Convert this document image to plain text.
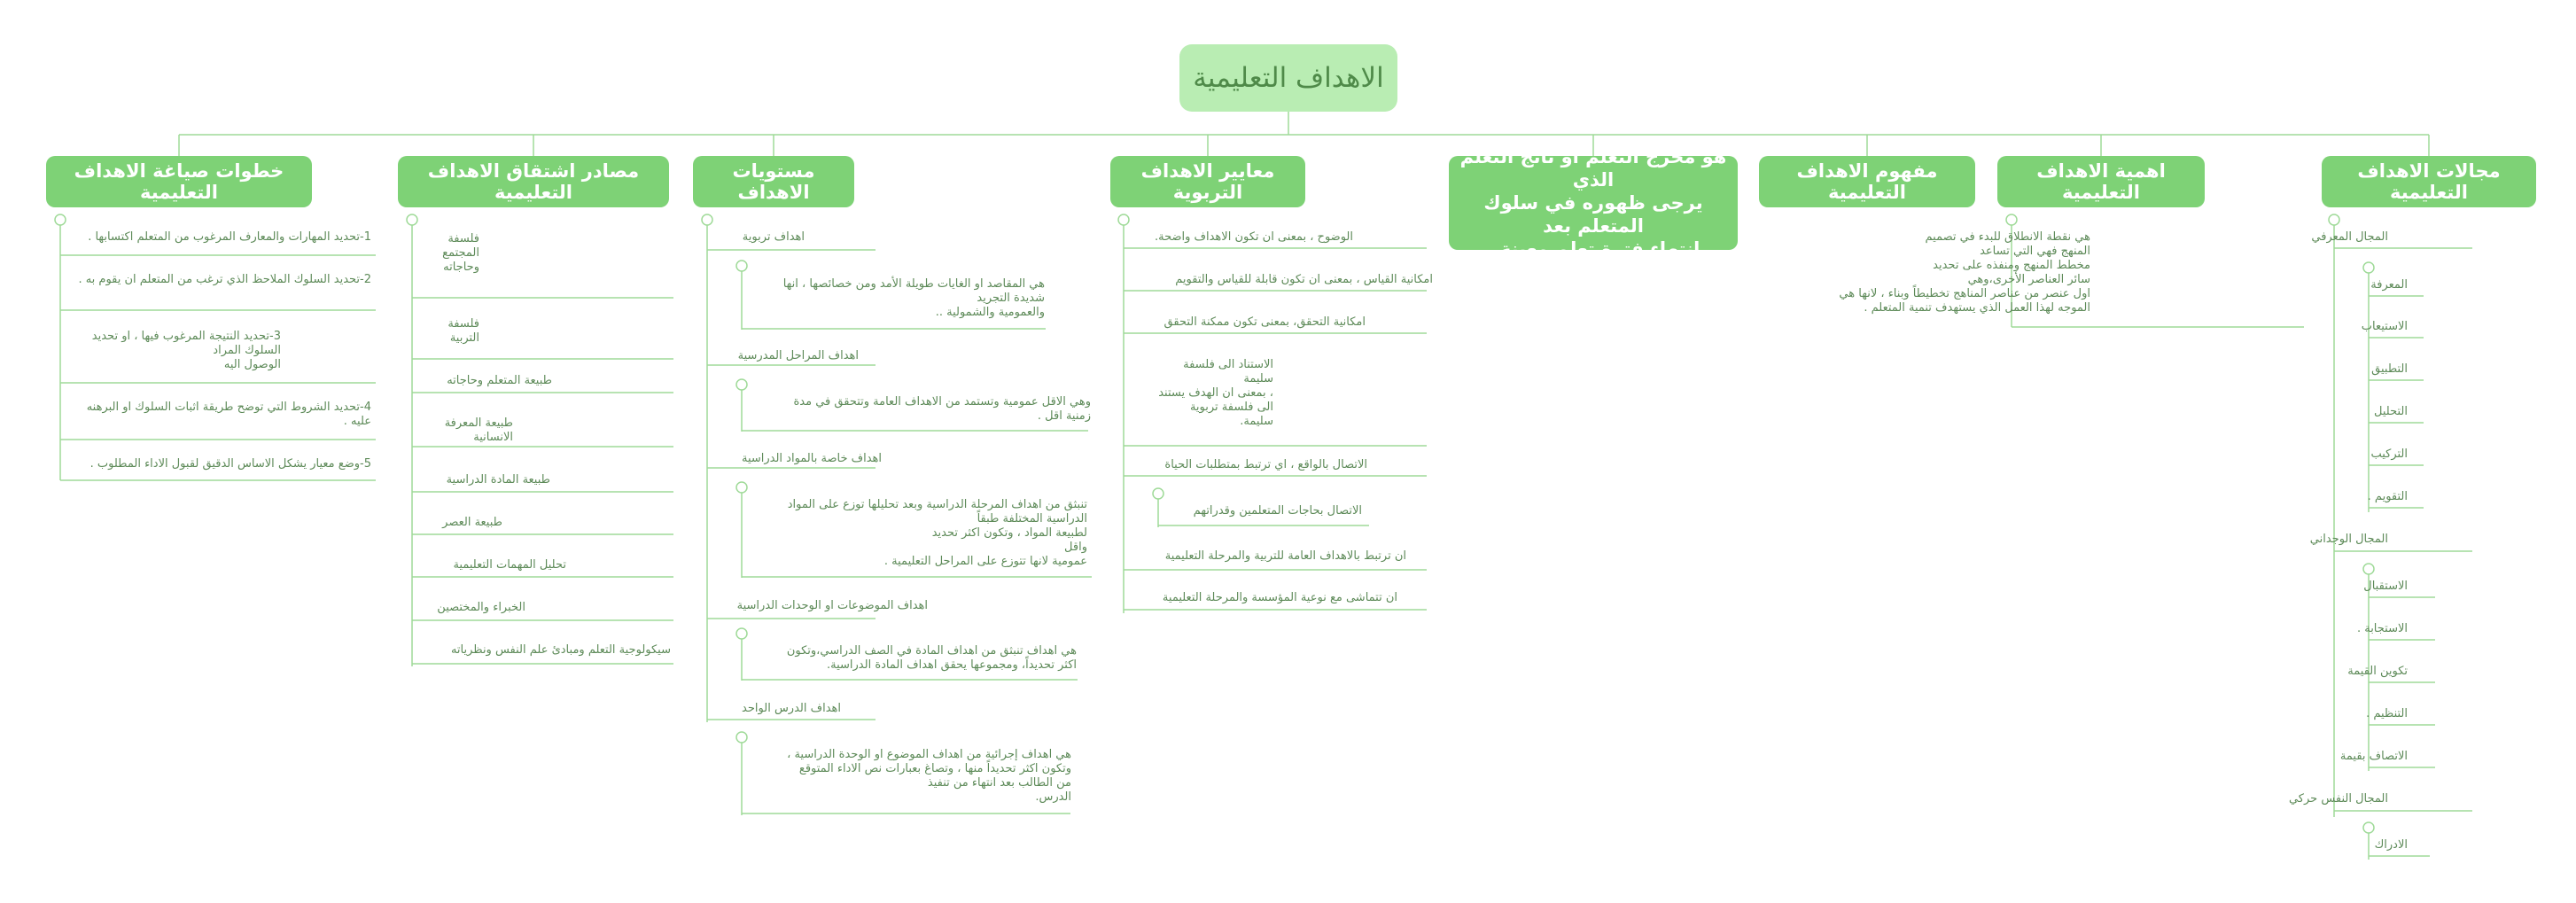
الاهداف التعليمية
مجالات الاهداف التعليمية
اهمية الاهداف التعليمية
مفهوم الاهداف التعليمية
هو مخرج التعلم او ناتج التعلم الذي
يرجى ظهوره في سلوك المتعلم بعد
انتهاء فترة تعلم معينة .
معايير الاهداف التربوية
مستويات الاهداف
مصادر اشتقاق الاهداف التعليمية
خطوات صياغة الاهداف التعليمية
المجال المعرفي
المعرفة
الاستيعاب
التطبيق
التحليل
التركيب
التقويم .
المجال الوجداني
الاستقبال
الاستجابة .
تكوين القيمة
التنظيم .
الاتصاف بقيمة
المجال النفس حركي
الادراك
هي نقطة الانطلاق للبدء في تصميم
المنهج فهي التي تساعد
مخطط المنهج ومنفذه على تحديد
سائر العناصر الأخرى،وهي
اول عنصر من عناصر المناهج تخطيطاً وبناء ، لانها هي
الموجه لهذا العمل الذي يستهدف تنمية المتعلم .
الوضوح ، بمعنى ان تكون الاهداف واضحة.
امكانية القياس ، بمعنى ان تكون قابلة للقياس والتقويم
امكانية التحقق، بمعنى تكون ممكنة التحقق
الاستناد الى فلسفة
سليمة
، بمعنى ان الهدف يستند
الى فلسفة تربوية
سليمة.
الاتصال بالواقع ، اي ترتبط بمتطلبات الحياة
الاتصال بحاجات المتعلمين وقدراتهم
ان ترتبط بالاهداف العامة للتربية والمرحلة التعليمية
ان تتماشى مع نوعية المؤسسة والمرحلة التعليمية
اهداف تربوية
هي المقاصد او الغايات طويلة الأمد ومن خصائصها ، انها
شديدة التجريد
والعمومية والشمولية ..
اهداف المراحل المدرسية
وهي الاقل عمومية وتستمد من الاهداف العامة وتتحقق في مدة
زمنية اقل .
اهداف خاصة بالمواد الدراسية
تنبثق من اهداف المرحلة الدراسية وبعد تحليلها توزع على المواد
الدراسية المختلفة طبقاً
لطبيعة المواد ، وتكون اكثر تحديد
واقل
عمومية لانها تتوزع على المراحل التعليمية .
اهداف الموضوعات او الوحدات الدراسية
هي اهداف تنبثق من اهداف المادة في الصف الدراسي،وتكون
اكثر تحديداً، ومجموعها يحقق اهداف المادة الدراسية.
اهداف الدرس الواحد
هي اهداف إجرائية من اهداف الموضوع او الوحدة الدراسية ،
وتكون اكثر تحديداً منها ، وتصاغ بعبارات نص الاداء المتوقع
من الطالب بعد انتهاء من تنفيذ
الدرس.
فلسفة
المجتمع
وحاجاته
فلسفة
التربية
طبيعة المتعلم وحاجاته
طبيعة المعرفة
الانسانية
طبيعة المادة الدراسية
طبيعة العصر
تحليل المهمات التعليمية
الخبراء والمختصين
سيكولوجية التعلم ومبادئ علم النفس ونظرياته
1-تحديد المهارات والمعارف المرغوب من المتعلم اكتسابها .
2-تحديد السلوك الملاحظ الذي ترغب من المتعلم ان يقوم به .
3-تحديد النتيجة المرغوب فيها ، او تحديد
السلوك المراد
الوصول اليه
4-تحديد الشروط التي توضح طريقة اثبات السلوك او البرهنه
عليه .
5-وضع معيار يشكل الاساس الدقيق لقبول الاداء المطلوب .
